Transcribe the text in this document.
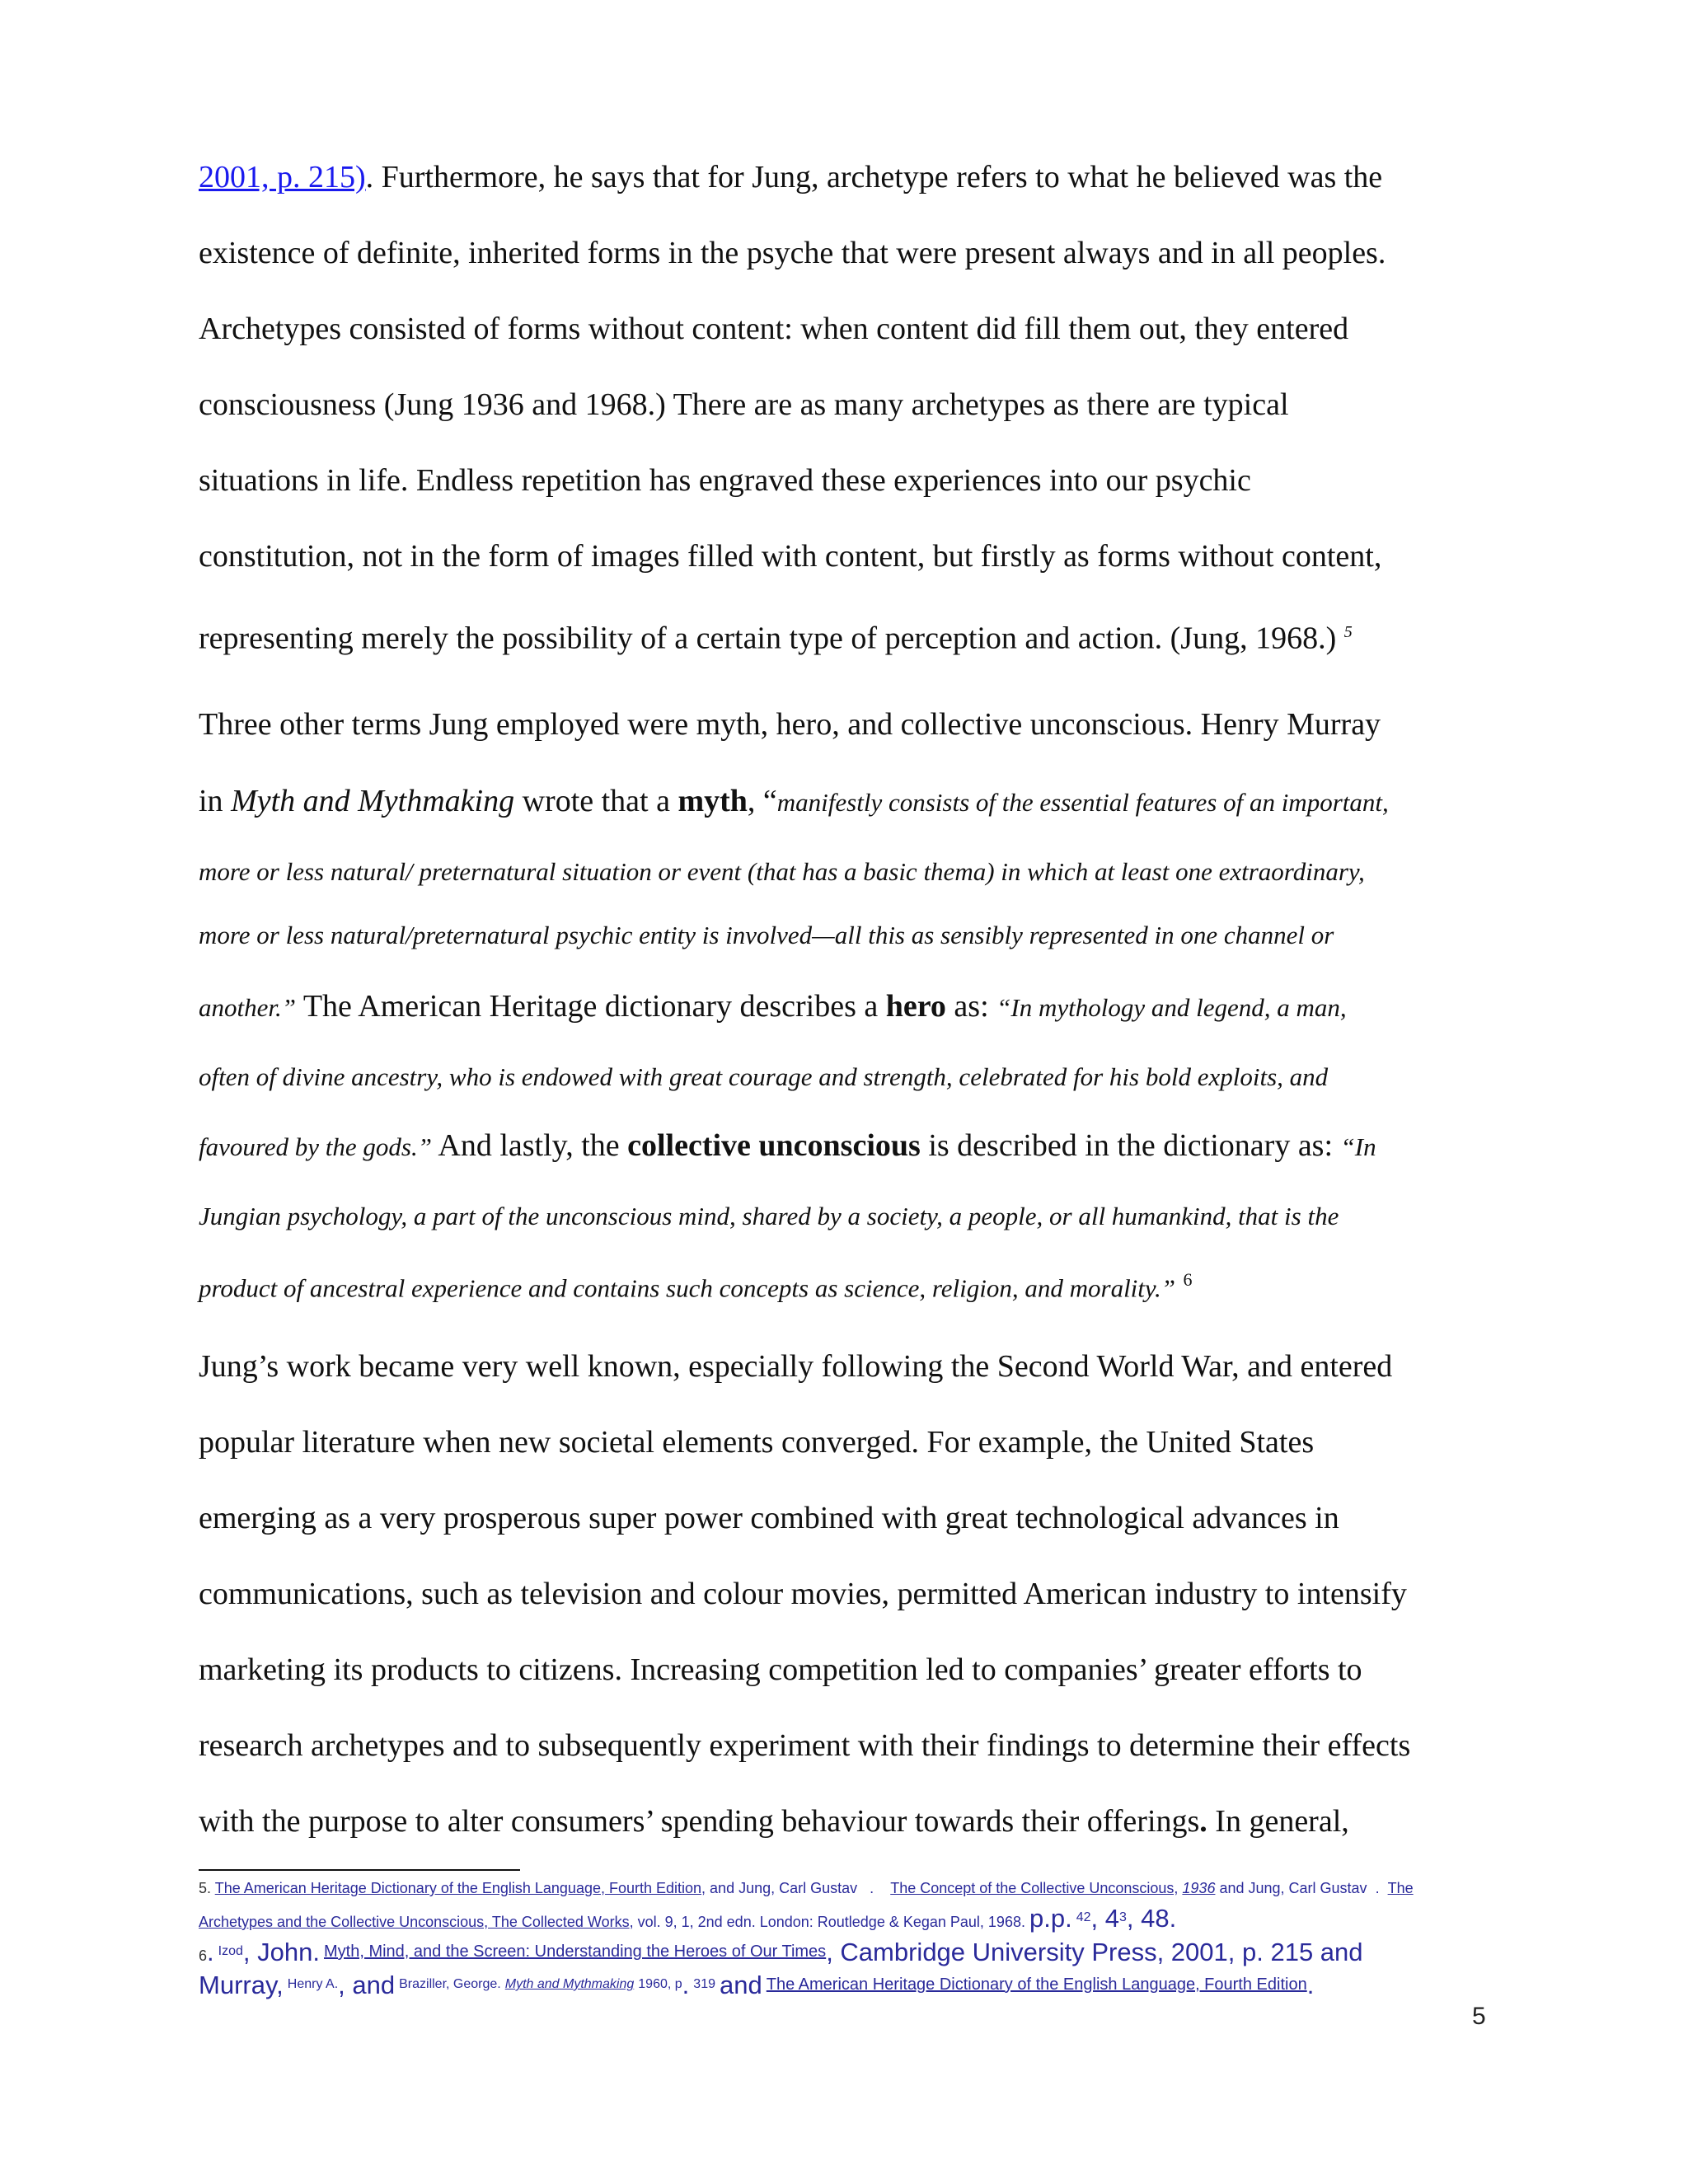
2001, p. 215). Furthermore, he says that for Jung, archetype refers to what he believed was the
existence of definite, inherited forms in the psyche that were present always and in all peoples.
Archetypes consisted of forms without content: when content did fill them out, they entered
consciousness (Jung 1936 and 1968.) There are as many archetypes as there are typical
situations in life. Endless repetition has engraved these experiences into our psychic
constitution, not in the form of images filled with content, but firstly as forms without content,
representing merely the possibility of a certain type of perception and action. (Jung, 1968.) $^5$
Three other terms Jung employed were myth, hero, and collective unconscious. Henry Murray
in Myth and Mythmaking wrote that a myth, “manifestly consists of the essential features of an important,
more or less natural/ preternatural situation or event (that has a basic thema) in which at least one extraordinary,
more or less natural/preternatural psychic entity is involved—all this as sensibly represented in one channel or
another.” The American Heritage dictionary describes a hero as: “In mythology and legend, a man,
often of divine ancestry, who is endowed with great courage and strength, celebrated for his bold exploits, and
favoured by the gods.” And lastly, the collective unconscious is described in the dictionary as: “In
Jungian psychology, a part of the unconscious mind, shared by a society, a people, or all humankind, that is the
product of ancestral experience and contains such concepts as science, religion, and morality.” $^6$
Jung’s work became very well known, especially following the Second World War, and entered
popular literature when new societal elements converged. For example, the United States
emerging as a very prosperous super power combined with great technological advances in
communications, such as television and colour movies, permitted American industry to intensify
marketing its products to citizens. Increasing competition led to companies’ greater efforts to
research archetypes and to subsequently experiment with their findings to determine their effects
with the purpose to alter consumers’ spending behaviour towards their offerings. In general,
5. The American Heritage Dictionary of the English Language, Fourth Edition, and Jung, Carl Gustav . The Concept of the Collective Unconscious, 1936 and Jung, Carl Gustav . The
Archetypes and the Collective Unconscious, The Collected Works, vol. 9, 1, 2nd edn. London: Routledge & Kegan Paul, 1968. p.p. 42, 43, 48.
6. Izod, John. Myth, Mind, and the Screen: Understanding the Heroes of Our Times, Cambridge University Press, 2001, p. 215 and
Murray, Henry A., and Braziller, George. Myth and Mythmaking 1960, p. 319 and The American Heritage Dictionary of the English Language, Fourth Edition.
5
